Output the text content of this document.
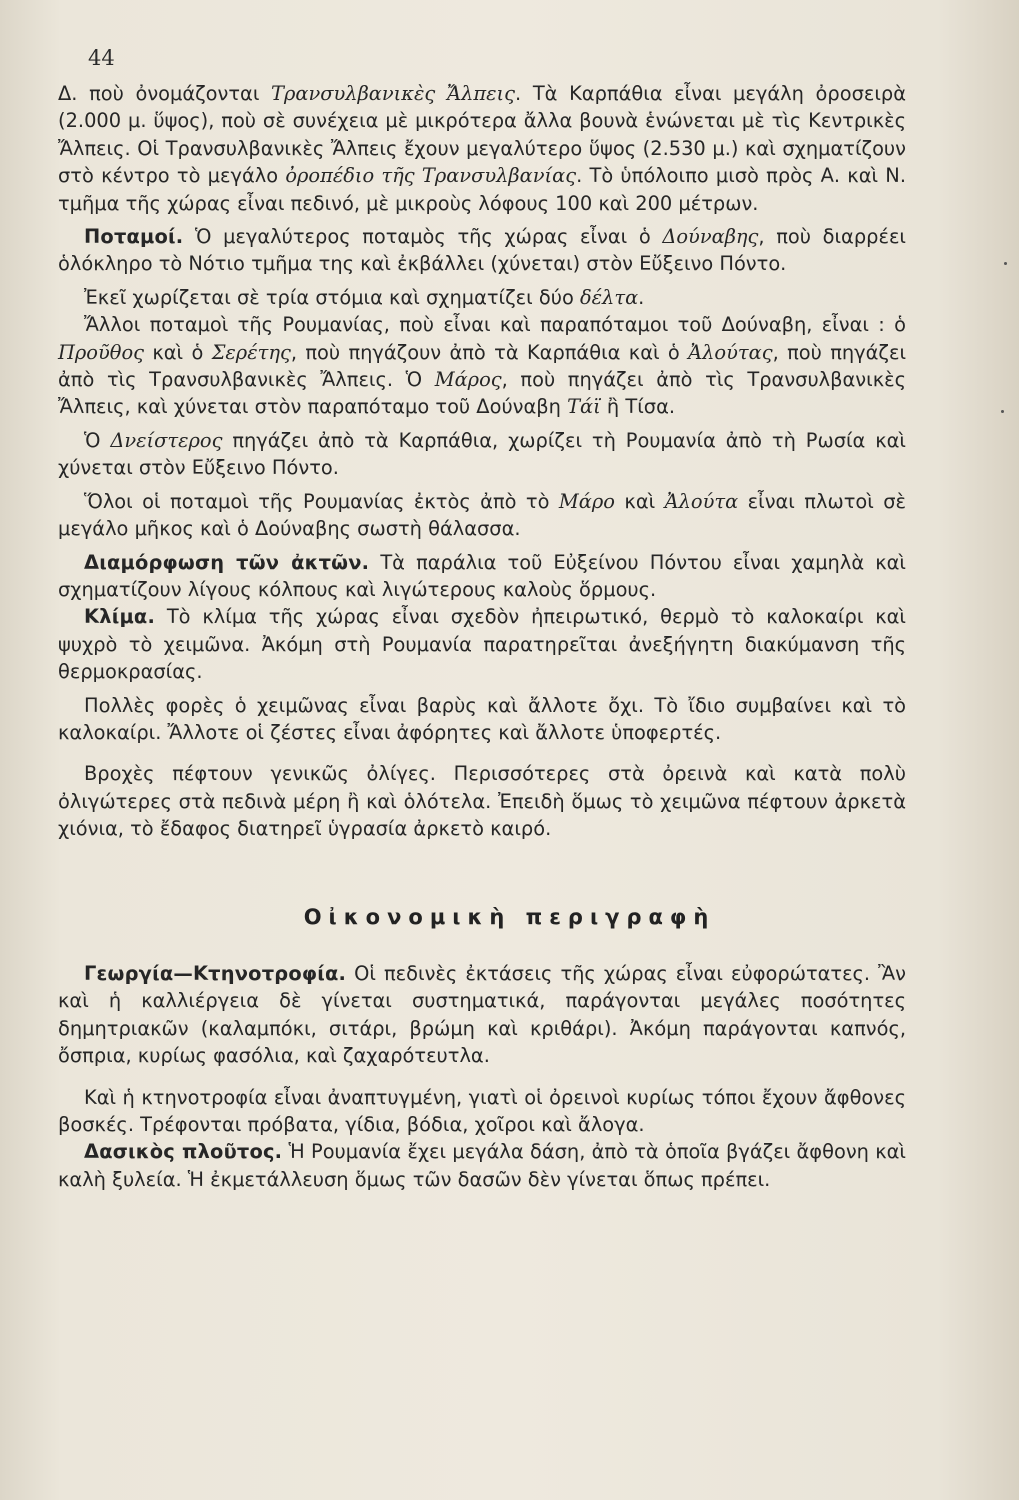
44

Δ. ποὺ ὀνομάζονται Τρανσυλβανικὲς Ἄλπεις. Τὰ Καρπάθια εἶναι μεγάλη ὀροσειρὰ (2.000 μ. ὕψος), ποὺ σὲ συνέχεια μὲ μικρότερα ἄλλα βουνὰ ἑνώνεται μὲ τὶς Κεντρικὲς Ἄλπεις. Οἱ Τρανσυλβανικὲς Ἄλπεις ἔχουν μεγαλύτερο ὕψος (2.530 μ.) καὶ σχηματίζουν στὸ κέντρο τὸ μεγάλο ὀροπέδιο τῆς Τρανσυλβανίας. Τὸ ὑπόλοιπο μισὸ πρὸς Α. καὶ Ν. τμῆμα τῆς χώρας εἶναι πεδινό, μὲ μικροὺς λόφους 100 καὶ 200 μέτρων.

Ποταμοί. Ὁ μεγαλύτερος ποταμὸς τῆς χώρας εἶναι ὁ Δούναβης, ποὺ διαρρέει ὁλόκληρο τὸ Νότιο τμῆμα της καὶ ἐκβάλλει (χύνεται) στὸν Εὔξεινο Πόντο.

Ἐκεῖ χωρίζεται σὲ τρία στόμια καὶ σχηματίζει δύο δέλτα.

Ἄλλοι ποταμοὶ τῆς Ρουμανίας, ποὺ εἶναι καὶ παραπόταμοι τοῦ Δούναβη, εἶναι : ὁ Προῦθος καὶ ὁ Σερέτης, ποὺ πηγάζουν ἀπὸ τὰ Καρπάθια καὶ ὁ Ἀλούτας, ποὺ πηγάζει ἀπὸ τὶς Τρανσυλβανικὲς Ἄλπεις. Ὁ Μάρος, ποὺ πηγάζει ἀπὸ τὶς Τρανσυλβανικὲς Ἄλπεις, καὶ χύνεται στὸν παραπόταμο τοῦ Δούναβη Τάϊ ἢ Τίσα.

Ὁ Δνείστερος πηγάζει ἀπὸ τὰ Καρπάθια, χωρίζει τὴ Ρουμανία ἀπὸ τὴ Ρωσία καὶ χύνεται στὸν Εὔξεινο Πόντο.

Ὅλοι οἱ ποταμοὶ τῆς Ρουμανίας ἐκτὸς ἀπὸ τὸ Μάρο καὶ Ἀλούτα εἶναι πλωτοὶ σὲ μεγάλο μῆκος καὶ ὁ Δούναβης σωστὴ θάλασσα.

Διαμόρφωση τῶν ἀκτῶν. Τὰ παράλια τοῦ Εὐξείνου Πόντου εἶναι χαμηλὰ καὶ σχηματίζουν λίγους κόλπους καὶ λιγώτερους καλοὺς ὅρμους.

Κλίμα. Τὸ κλίμα τῆς χώρας εἶναι σχεδὸν ἠπειρωτικό, θερμὸ τὸ καλοκαίρι καὶ ψυχρὸ τὸ χειμῶνα. Ἀκόμη στὴ Ρουμανία παρατηρεῖται ἀνεξήγητη διακύμανση τῆς θερμοκρασίας.

Πολλὲς φορὲς ὁ χειμῶνας εἶναι βαρὺς καὶ ἄλλοτε ὄχι. Τὸ ἴδιο συμβαίνει καὶ τὸ καλοκαίρι. Ἄλλοτε οἱ ζέστες εἶναι ἀφόρητες καὶ ἄλλοτε ὑποφερτές.

Βροχὲς πέφτουν γενικῶς ὀλίγες. Περισσότερες στὰ ὀρεινὰ καὶ κατὰ πολὺ ὀλιγώτερες στὰ πεδινὰ μέρη ἢ καὶ ὁλότελα. Ἐπειδὴ ὅμως τὸ χειμῶνα πέφτουν ἀρκετὰ χιόνια, τὸ ἔδαφος διατηρεῖ ὑγρασία ἀρκετὸ καιρό.

Οἰκονομικὴ περιγραφὴ

Γεωργία—Κτηνοτροφία. Οἱ πεδινὲς ἐκτάσεις τῆς χώρας εἶναι εὐφορώτατες. Ἂν καὶ ἡ καλλιέργεια δὲ γίνεται συστηματικά, παράγονται μεγάλες ποσότητες δημητριακῶν (καλαμπόκι, σιτάρι, βρώμη καὶ κριθάρι). Ἀκόμη παράγονται καπνός, ὄσπρια, κυρίως φασόλια, καὶ ζαχαρότευτλα.

Καὶ ἡ κτηνοτροφία εἶναι ἀναπτυγμένη, γιατὶ οἱ ὀρεινοὶ κυρίως τόποι ἔχουν ἄφθονες βοσκές. Τρέφονται πρόβατα, γίδια, βόδια, χοῖροι καὶ ἄλογα.

Δασικὸς πλοῦτος. Ἡ Ρουμανία ἔχει μεγάλα δάση, ἀπὸ τὰ ὁποῖα βγάζει ἄφθονη καὶ καλὴ ξυλεία. Ἡ ἐκμετάλλευση ὅμως τῶν δασῶν δὲν γίνεται ὅπως πρέπει.
